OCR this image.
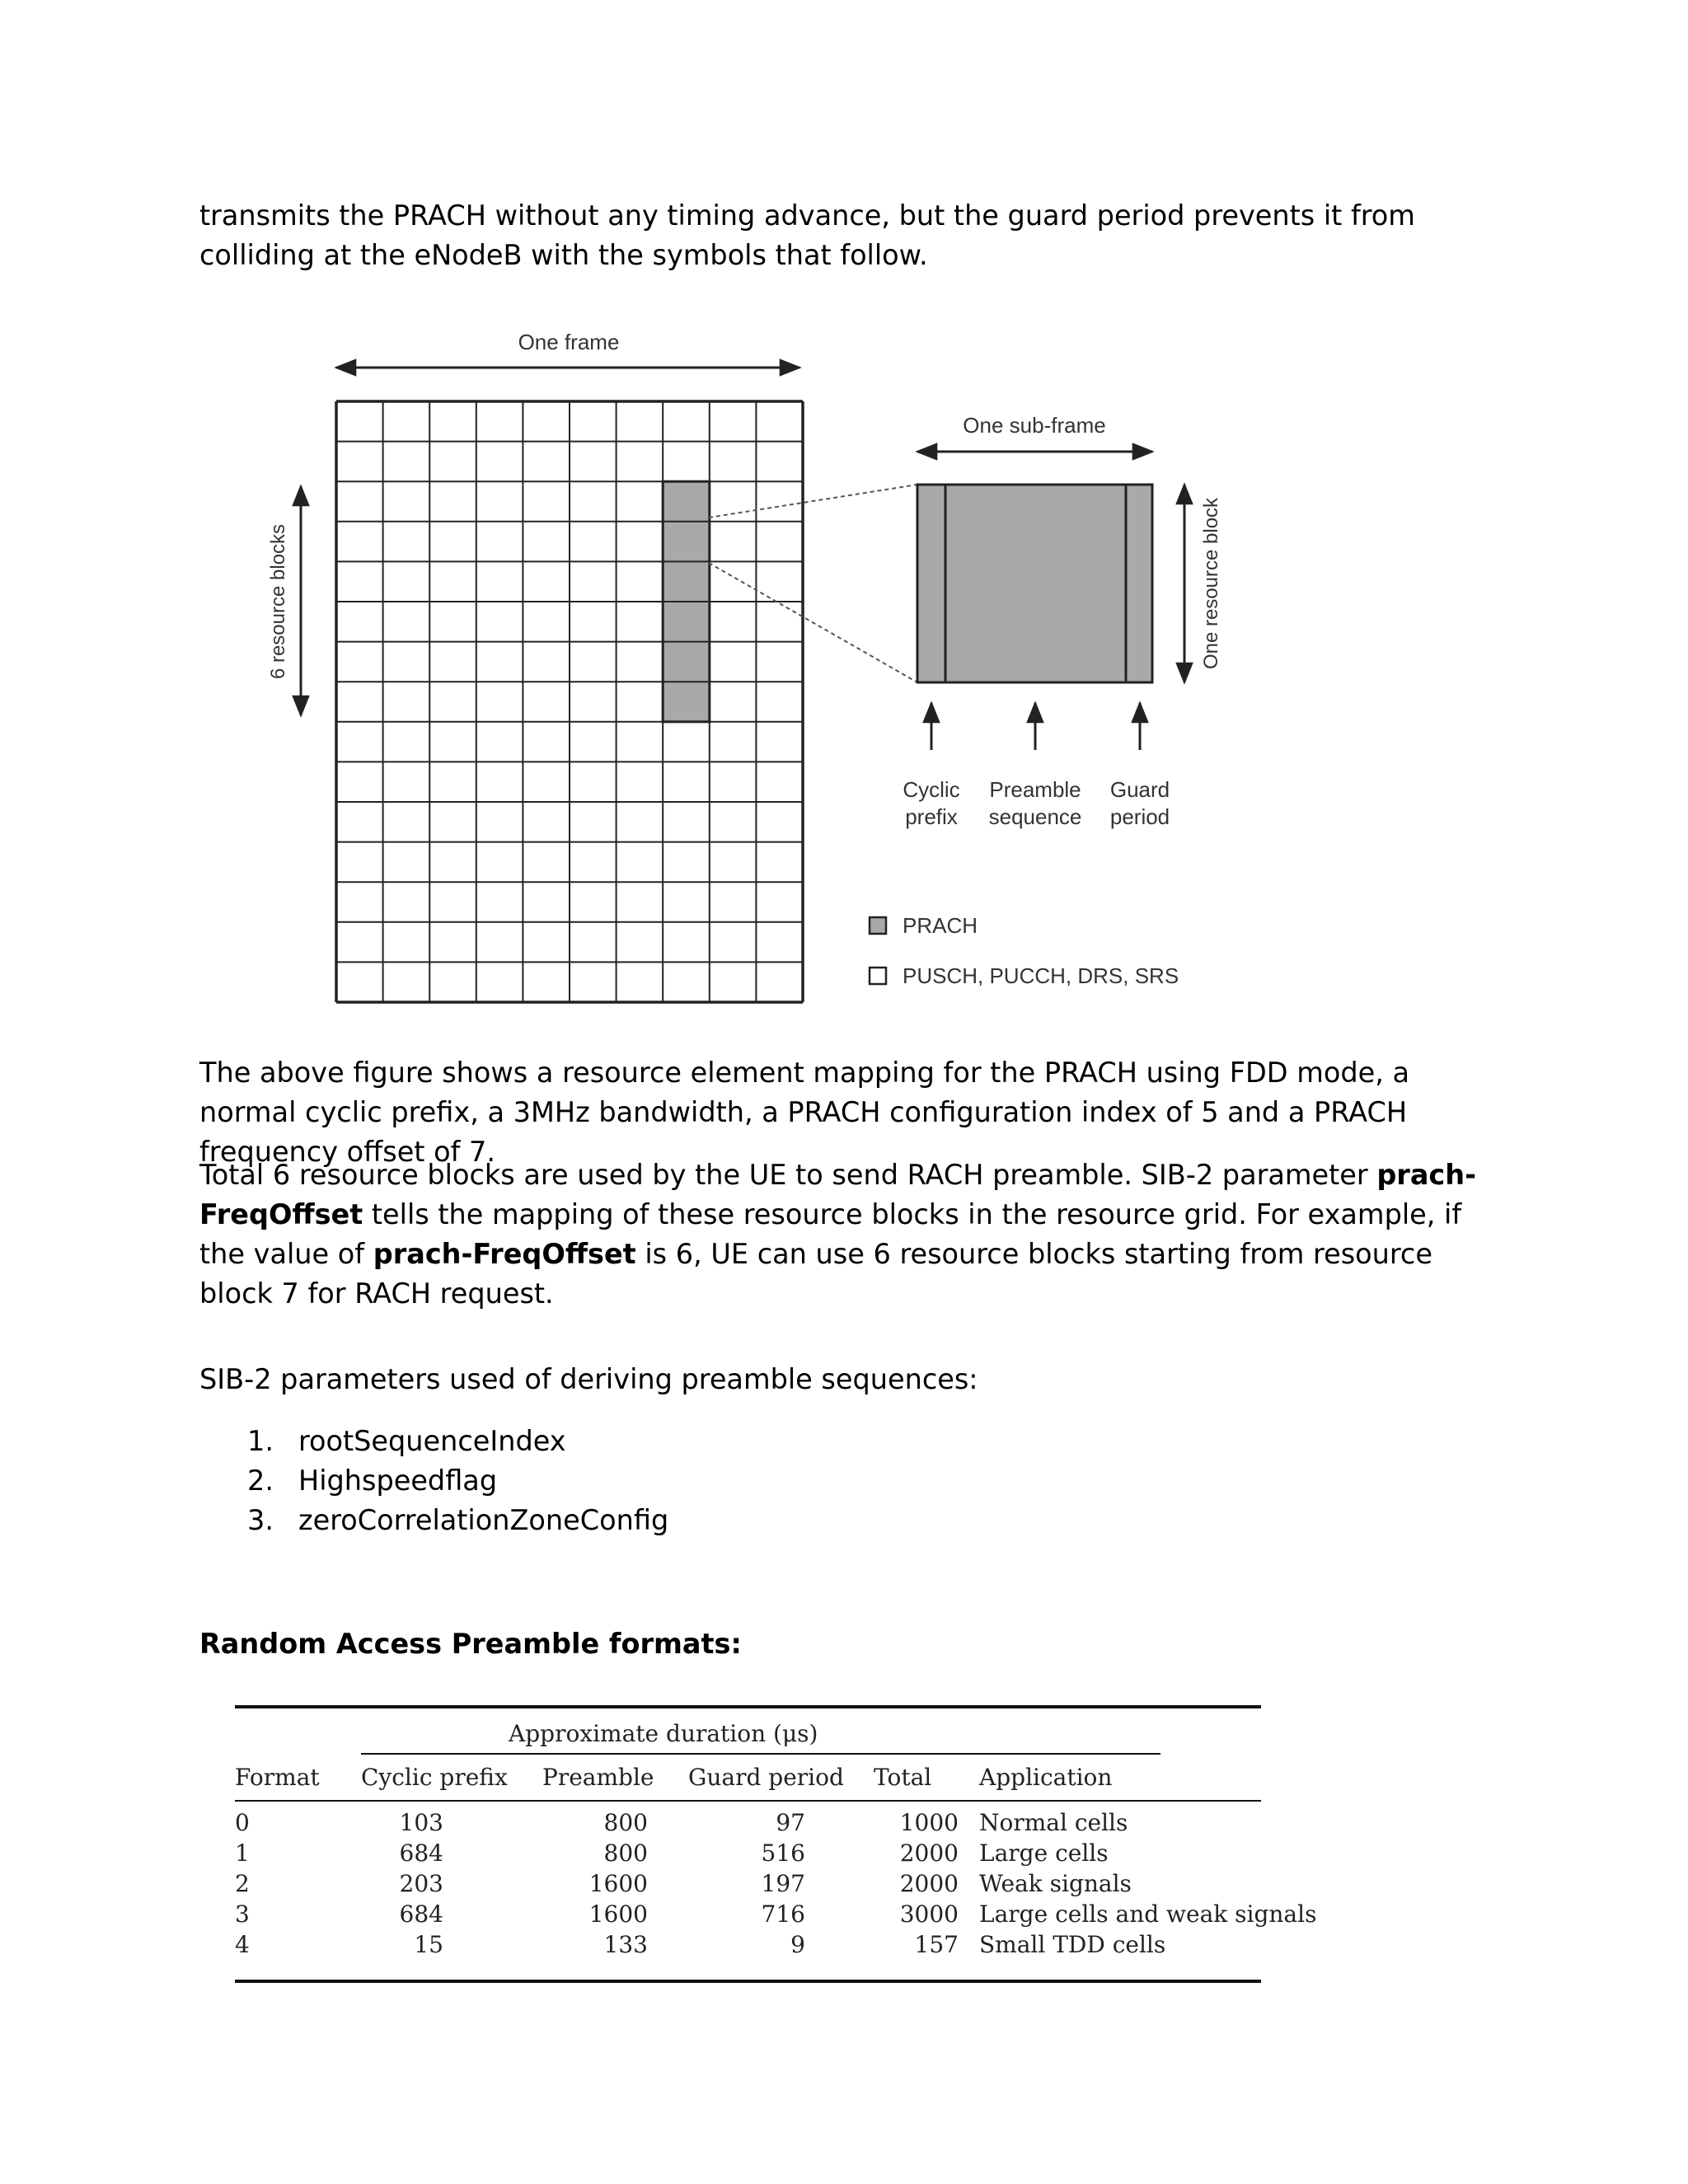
transmits the PRACH without any timing advance, but the guard period prevents it from colliding at the eNodeB with the symbols that follow.

One frame
6 resource blocks
One sub-frame
One resource block
Cyclic
prefix
Preamble
sequence
Guard
period
PRACH
PUSCH, PUCCH, DRS, SRS

The above figure shows a resource element mapping for the PRACH using FDD mode, a normal cyclic prefix, a 3MHz bandwidth, a PRACH configuration index of 5 and a PRACH frequency offset of 7.

Total 6 resource blocks are used by the UE to send RACH preamble. SIB-2 parameter prach-FreqOffset tells the mapping of these resource blocks in the resource grid. For example, if the value of prach-FreqOffset is 6, UE can use 6 resource blocks starting from resource block 7 for RACH request.

SIB-2 parameters used of deriving preamble sequences:

1. rootSequenceIndex
2. Highspeedflag
3. zeroCorrelationZoneConfig

Random Access Preamble formats:

Approximate duration (μs)
Format Cyclic prefix Preamble Guard period Total Application
0	103	800	97	1000 Normal cells
1	684	800	516	2000 Large cells
2	203	1600	197	2000 Weak signals
3	684	1600	716	3000 Large cells and weak signals
4	15	133	9	157 Small TDD cells
